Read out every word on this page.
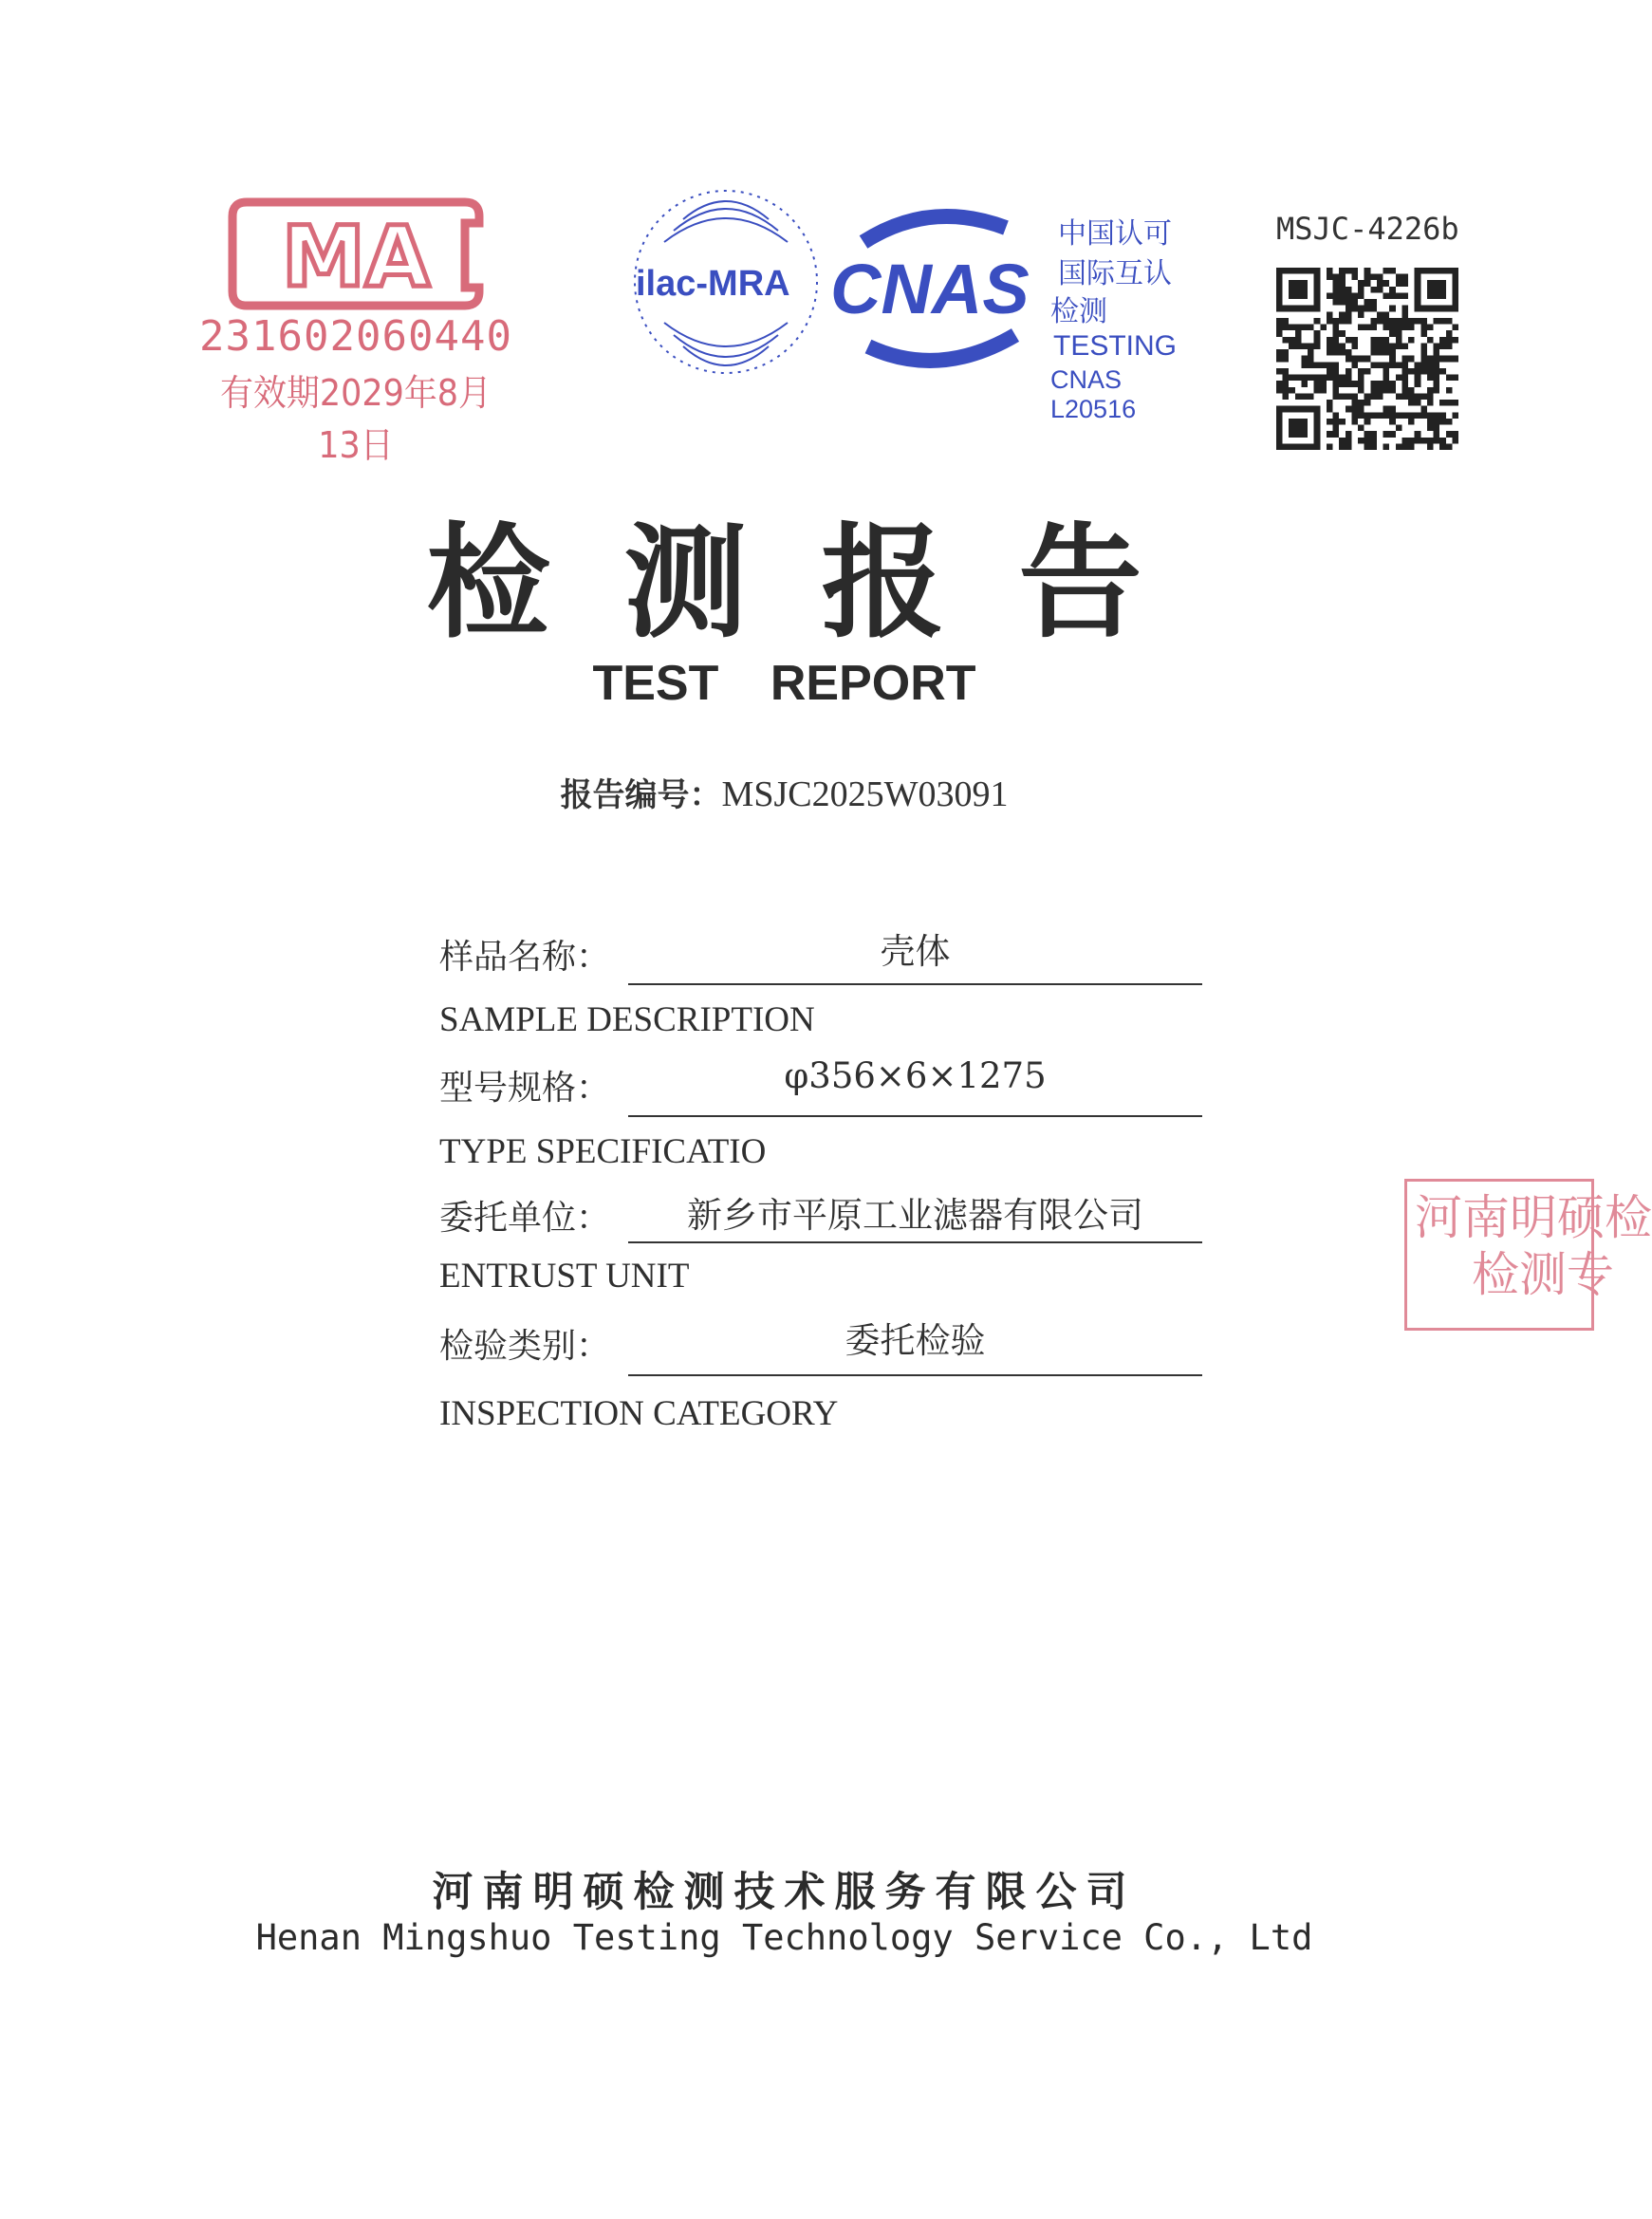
MA
231602060440
有效期2029年8月13日
ilac-MRA CNAS
中国认可
国际互认
检测
TESTING
CNAS L20516
MSJC-4226b
检测报告
TEST REPORT
报告编号：MSJC2025W03091
样品名称：	壳体
SAMPLE DESCRIPTION
型号规格：	φ356×6×1275
TYPE SPECIFICATIO
委托单位：	新乡市平原工业滤器有限公司
ENTRUST UNIT
检验类别：	委托检验
INSPECTION CATEGORY
河南明硕检
检测专
河南明硕检测技术服务有限公司
Henan Mingshuo Testing Technology Service Co., Ltd
